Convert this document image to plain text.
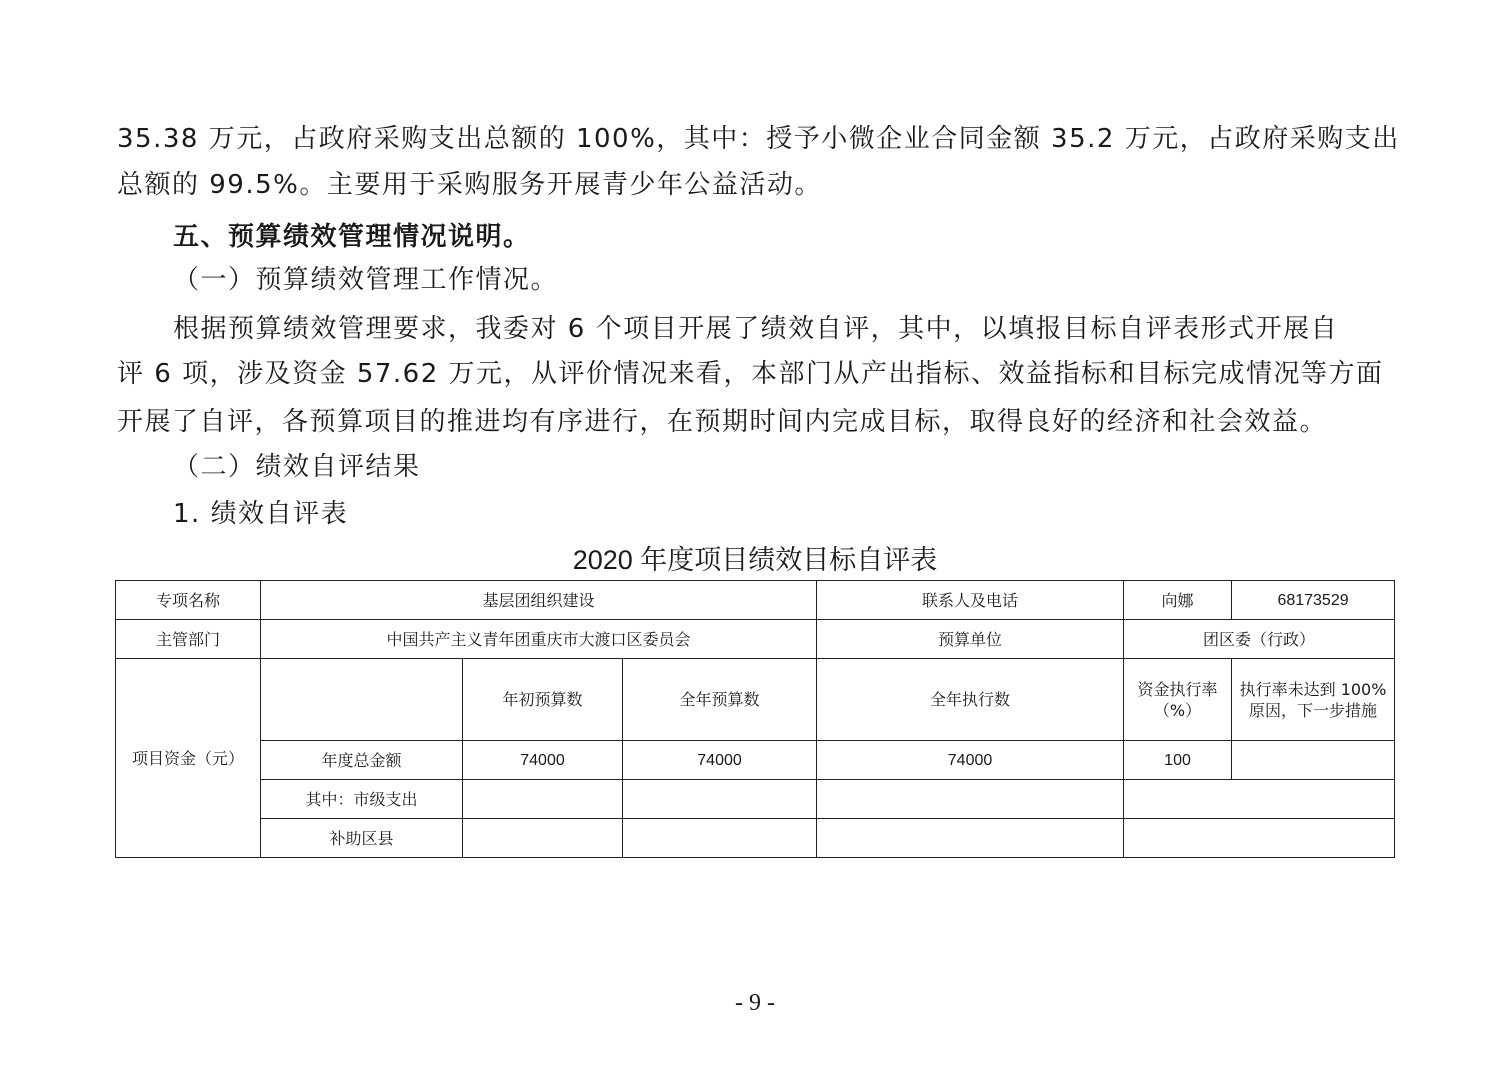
35.38 万元，占政府采购支出总额的 100%，其中：授予小微企业合同金额 35.2 万元，占政府采购支出
总额的 99.5%。主要用于采购服务开展青少年公益活动。
五、预算绩效管理情况说明。
（一）预算绩效管理工作情况。
根据预算绩效管理要求，我委对 6 个项目开展了绩效自评，其中，以填报目标自评表形式开展自
评 6 项，涉及资金 57.62 万元，从评价情况来看，本部门从产出指标、效益指标和目标完成情况等方面
开展了自评，各预算项目的推进均有序进行，在预期时间内完成目标，取得良好的经济和社会效益。
（二）绩效自评结果
1. 绩效自评表
2020 年度项目绩效目标自评表
专项名称	基层团组织建设			联系人及电话	向娜	68173529
主管部门	中国共产主义青年团重庆市大渡口区委员会			预算单位	团区委（行政）	
项目资金（元）		年初预算数	全年预算数	全年执行数	资金执行率（%）	执行率未达到 100% 原因，下一步措施
	年度总金额	74000	74000	74000	100	
	其中：市级支出					
	补助区县					
- 9 -
